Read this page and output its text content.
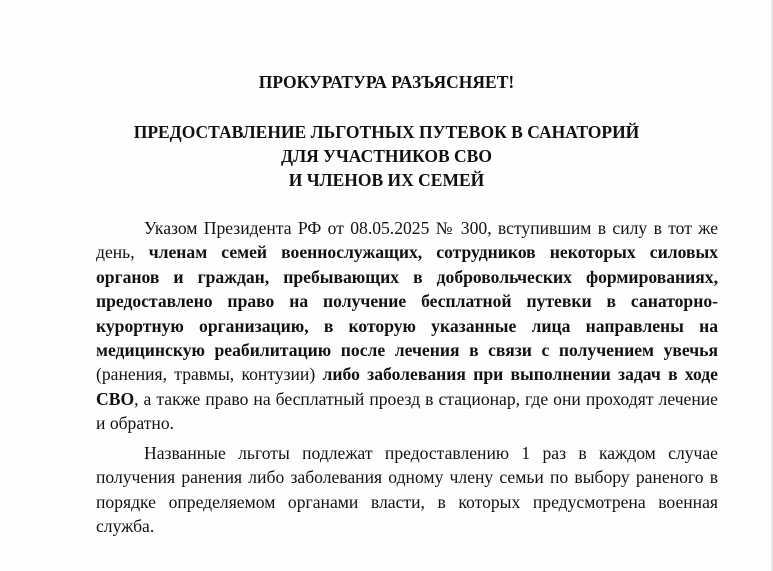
ПРОКУРАТУРА РАЗЪЯСНЯЕТ!
ПРЕДОСТАВЛЕНИЕ ЛЬГОТНЫХ ПУТЕВОК В САНАТОРИЙ
ДЛЯ УЧАСТНИКОВ СВО
И ЧЛЕНОВ ИХ СЕМЕЙ

Указом Президента РФ от 08.05.2025 № 300, вступившим в силу в тот же день, членам семей военнослужащих, сотрудников некоторых силовых органов и граждан, пребывающих в добровольческих формированиях, предоставлено право на получение бесплатной путевки в санаторно-курортную организацию, в которую указанные лица направлены на медицинскую реабилитацию после лечения в связи с получением увечья (ранения, травмы, контузии) либо заболевания при выполнении задач в ходе СВО, а также право на бесплатный проезд в стационар, где они проходят лечение и обратно.

Названные льготы подлежат предоставлению 1 раз в каждом случае получения ранения либо заболевания одному члену семьи по выбору раненого в порядке определяемом органами власти, в которых предусмотрена военная служба.
